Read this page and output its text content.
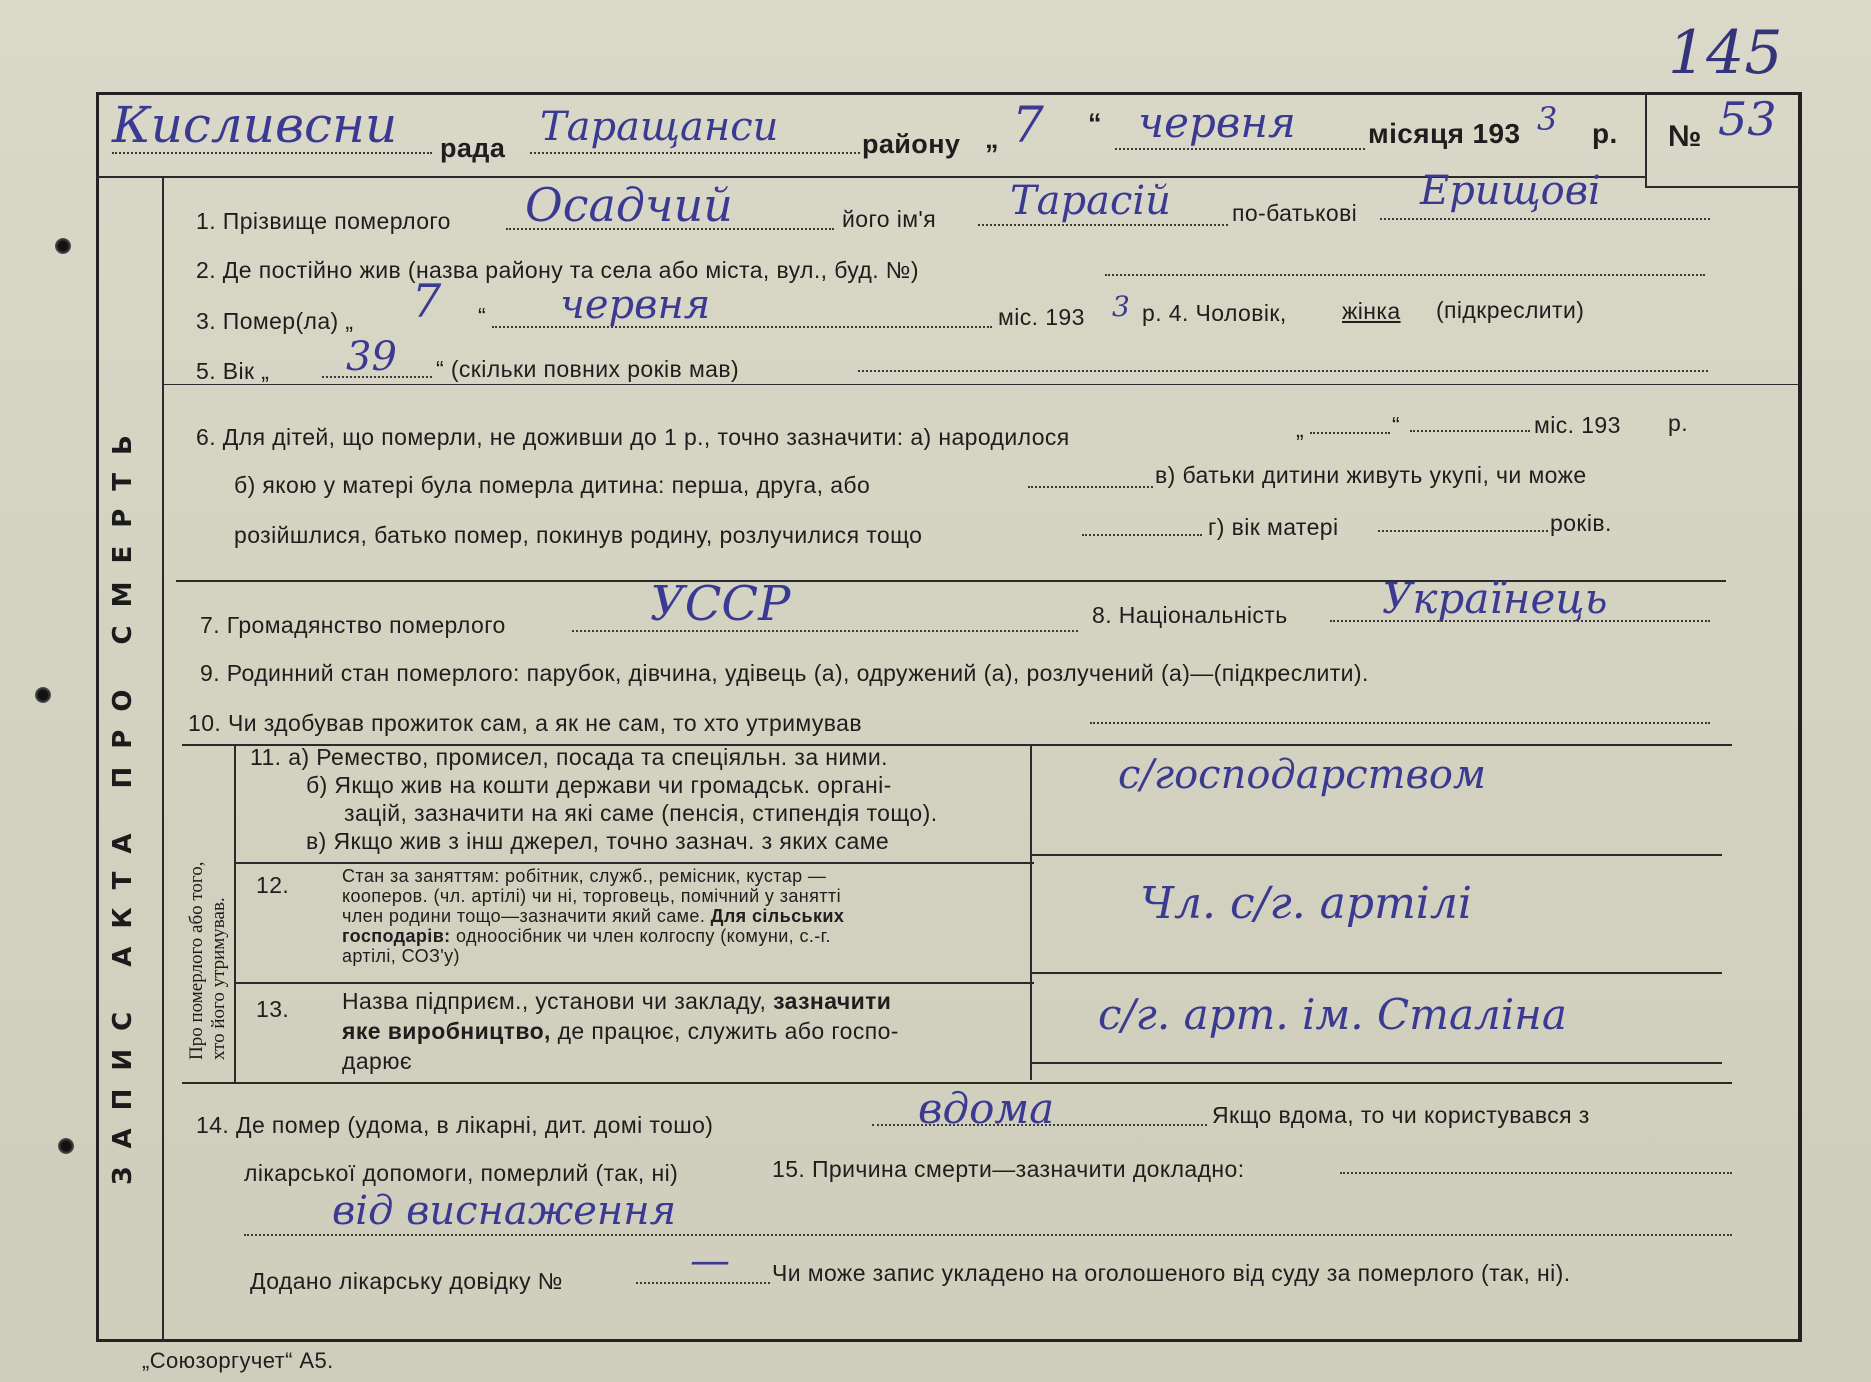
145
ЗАПИС АКТА ПРО СМЕРТЬ
Кисливсни рада Таращанси	району „ 7 “ червня	місяця 193 3 р. № 53
1. Прізвище померлого Осадчий	його ім'я Тарасій	по-батькові Ерищові
2. Де постійно жив (назва району та села або міста, вул., буд. №)
3. Помер(ла) „ 7 “ червня	міс. 193 3 р. 4. Чоловік, жінка (підкреслити)
5. Вік „ 39 “ (скільки повних років мав)
6. Для дітей, що померли, не доживши до 1 р., точно зазначити: а) народилося	„	“	міс. 193 р.
б) якою у матері була померла дитина: перша, друга, або	в) батьки дитини живуть укупі, чи може
розійшлися, батько помер, покинув родину, розлучилися тощо	г) вік матері	років.
7. Громадянство померлого	УССР	8. Національність Українець
9. Родинний стан померлого: парубок, дівчина, удівець (а), одружений (а), розлучений (а)—(підкреслити).
10. Чи здобував прожиток сам, а як не сам, то хто утримував
Про померлого або того, хто його утримував.
11. а) Ремество, промисел, посада та спеціяльн. за ними.
б) Якщо жив на кошти держави чи громадськ. органі-
зацій, зазначити на які саме (пенсія, стипендія тощо).
в) Якщо жив з інш джерел, точно зазнач. з яких саме
с/господарством
12.	Стан за заняттям: робітник, служб., ремісник, кустар —
кооперов. (чл. артілі) чи ні, торговець, помічний у занятті
член родини тощо—зазначити який саме. Для сільських
господарів: одноосібник чи член колгоспу (комуни, с.-г.
артілі, СОЗ'у)
Чл. с/г. артілі
13. Назва підприєм., установи чи закладу, зазначити
яке виробництво, де працює, служить або госпо-
дарює
с/г. арт. ім. Сталіна
14. Де помер (удома, в лікарні, дит. домі тошо)	вдома	Якщо вдома, то чи користувався з
лікарської допомоги, померлий (так, ні)	15. Причина смерти—зазначити докладно:
від виснаження
Додано лікарську довідку №	— Чи може запис укладено на оголошеного від суду за померлого (так, ні).
„Союзоргучет“ А5.
